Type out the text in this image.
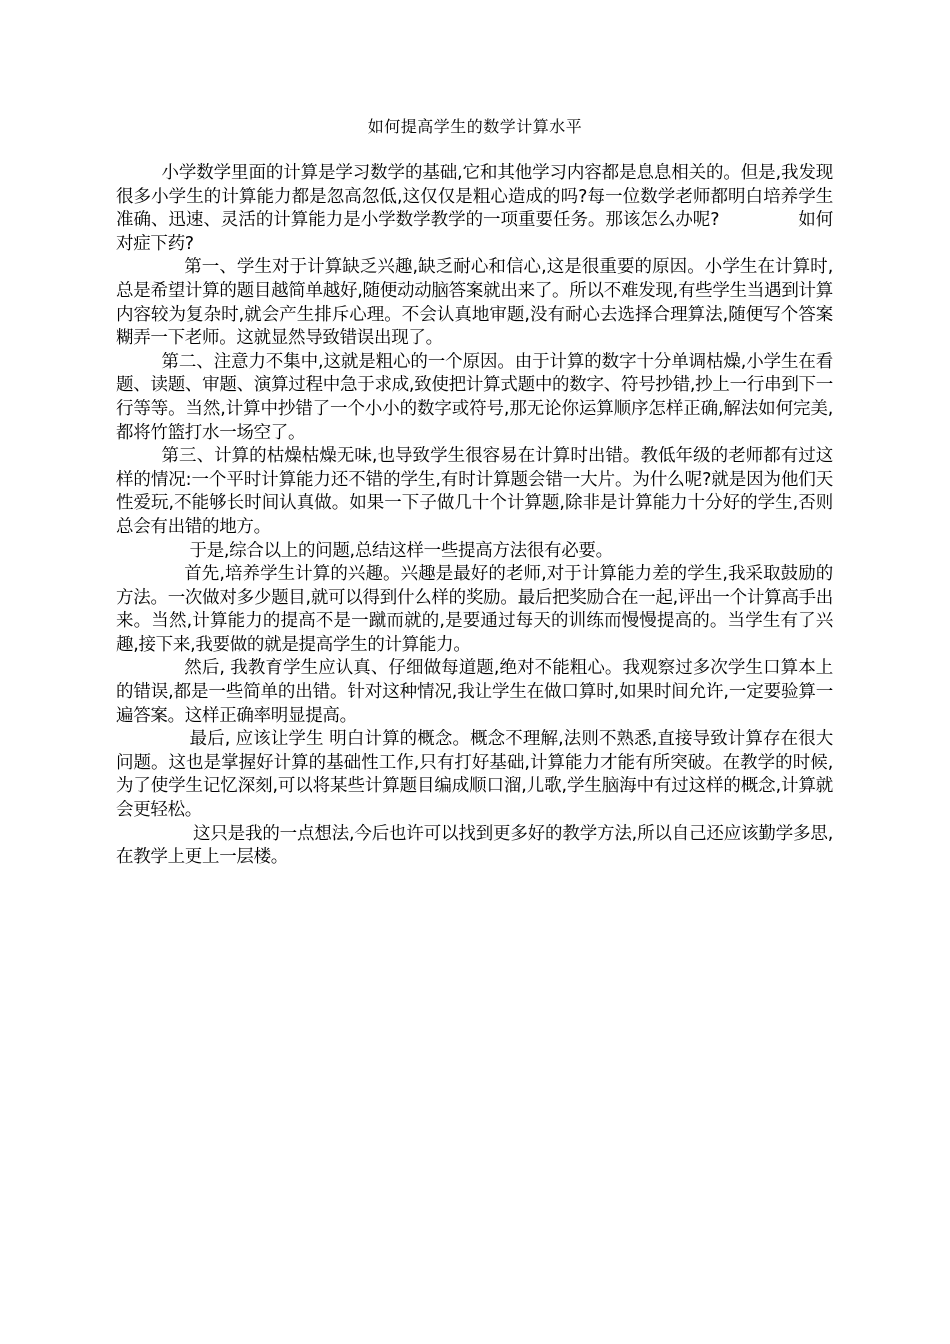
如何提高学生的数学计算水平

小学数学里面的计算是学习数学的基础,它和其他学习内容都是息息相关的。但是,我发现很多小学生的计算能力都是忽高忽低,这仅仅是粗心造成的吗?每一位数学老师都明白培养学生准确、迅速、灵活的计算能力是小学数学教学的一项重要任务。那该怎么办呢?	如何对症下药?

第一、学生对于计算缺乏兴趣,缺乏耐心和信心,这是很重要的原因。小学生在计算时,总是希望计算的题目越简单越好,随便动动脑答案就出来了。所以不难发现,有些学生当遇到计算内容较为复杂时,就会产生排斥心理。不会认真地审题,没有耐心去选择合理算法,随便写个答案糊弄一下老师。这就显然导致错误出现了。

第二、注意力不集中,这就是粗心的一个原因。由于计算的数字十分单调枯燥,小学生在看题、读题、审题、演算过程中急于求成,致使把计算式题中的数字、符号抄错,抄上一行串到下一行等等。当然,计算中抄错了一个小小的数字或符号,那无论你运算顺序怎样正确,解法如何完美,都将竹篮打水一场空了。

第三、计算的枯燥枯燥无味,也导致学生很容易在计算时出错。教低年级的老师都有过这样的情况:一个平时计算能力还不错的学生,有时计算题会错一大片。为什么呢?就是因为他们天性爱玩,不能够长时间认真做。如果一下子做几十个计算题,除非是计算能力十分好的学生,否则总会有出错的地方。

于是,综合以上的问题,总结这样一些提高方法很有必要。

首先,培养学生计算的兴趣。兴趣是最好的老师,对于计算能力差的学生,我采取鼓励的方法。一次做对多少题目,就可以得到什么样的奖励。最后把奖励合在一起,评出一个计算高手出来。当然,计算能力的提高不是一蹴而就的,是要通过每天的训练而慢慢提高的。当学生有了兴趣,接下来,我要做的就是提高学生的计算能力。

然后, 我教育学生应认真、仔细做每道题,绝对不能粗心。我观察过多次学生口算本上的错误,都是一些简单的出错。针对这种情况,我让学生在做口算时,如果时间允许,一定要验算一遍答案。这样正确率明显提高。

最后, 应该让学生 明白计算的概念。概念不理解,法则不熟悉,直接导致计算存在很大问题。这也是掌握好计算的基础性工作,只有打好基础,计算能力才能有所突破。在教学的时候,为了使学生记忆深刻,可以将某些计算题目编成顺口溜,儿歌,学生脑海中有过这样的概念,计算就会更轻松。

这只是我的一点想法,今后也许可以找到更多好的教学方法,所以自己还应该勤学多思,在教学上更上一层楼。
